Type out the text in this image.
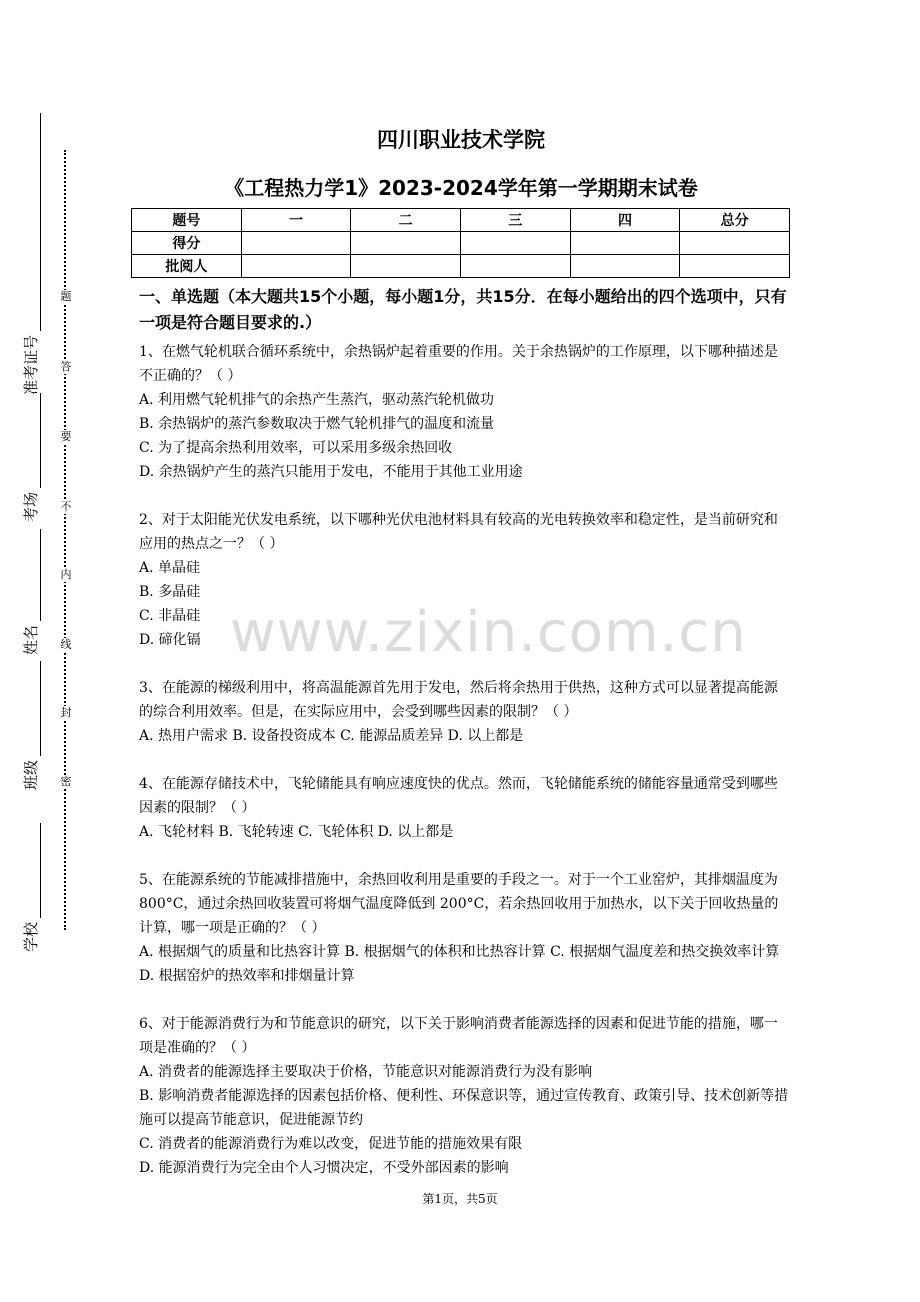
学校
班级
姓名
考场
准考证号
密
封
线
内
不
要
答
题
四川职业技术学院
《工程热力学1》2023-2024学年第一学期期末试卷
题号	一	二	三	四	总分
得分					
批阅人					
一、单选题（本大题共15个小题，每小题1分，共15分．在每小题给出的四个选项中，只有一项是符合题目要求的.）

1、在燃气轮机联合循环系统中，余热锅炉起着重要的作用。关于余热锅炉的工作原理，以下哪种描述是不正确的？（ ）

A. 利用燃气轮机排气的余热产生蒸汽，驱动蒸汽轮机做功

B. 余热锅炉的蒸汽参数取决于燃气轮机排气的温度和流量

C. 为了提高余热利用效率，可以采用多级余热回收

D. 余热锅炉产生的蒸汽只能用于发电，不能用于其他工业用途

2、对于太阳能光伏发电系统，以下哪种光伏电池材料具有较高的光电转换效率和稳定性，是当前研究和应用的热点之一？（ ）

A. 单晶硅

B. 多晶硅

C. 非晶硅

D. 碲化镉

3、在能源的梯级利用中，将高温能源首先用于发电，然后将余热用于供热，这种方式可以显著提高能源的综合利用效率。但是，在实际应用中，会受到哪些因素的限制？（ ）

A. 热用户需求 B. 设备投资成本 C. 能源品质差异 D. 以上都是

4、在能源存储技术中，飞轮储能具有响应速度快的优点。然而，飞轮储能系统的储能容量通常受到哪些因素的限制？（ ）

A. 飞轮材料 B. 飞轮转速 C. 飞轮体积 D. 以上都是

5、在能源系统的节能减排措施中，余热回收利用是重要的手段之一。对于一个工业窑炉，其排烟温度为 800°C，通过余热回收装置可将烟气温度降低到 200°C，若余热回收用于加热水，以下关于回收热量的计算，哪一项是正确的？（ ）

A. 根据烟气的质量和比热容计算 B. 根据烟气的体积和比热容计算 C. 根据烟气温度差和热交换效率计算 D. 根据窑炉的热效率和排烟量计算

6、对于能源消费行为和节能意识的研究，以下关于影响消费者能源选择的因素和促进节能的措施，哪一项是准确的？（ ）

A. 消费者的能源选择主要取决于价格，节能意识对能源消费行为没有影响

B. 影响消费者能源选择的因素包括价格、便利性、环保意识等，通过宣传教育、政策引导、技术创新等措施可以提高节能意识，促进能源节约

C. 消费者的能源消费行为难以改变，促进节能的措施效果有限

D. 能源消费行为完全由个人习惯决定，不受外部因素的影响

www.zixin.com.cn
第1页，共5页
